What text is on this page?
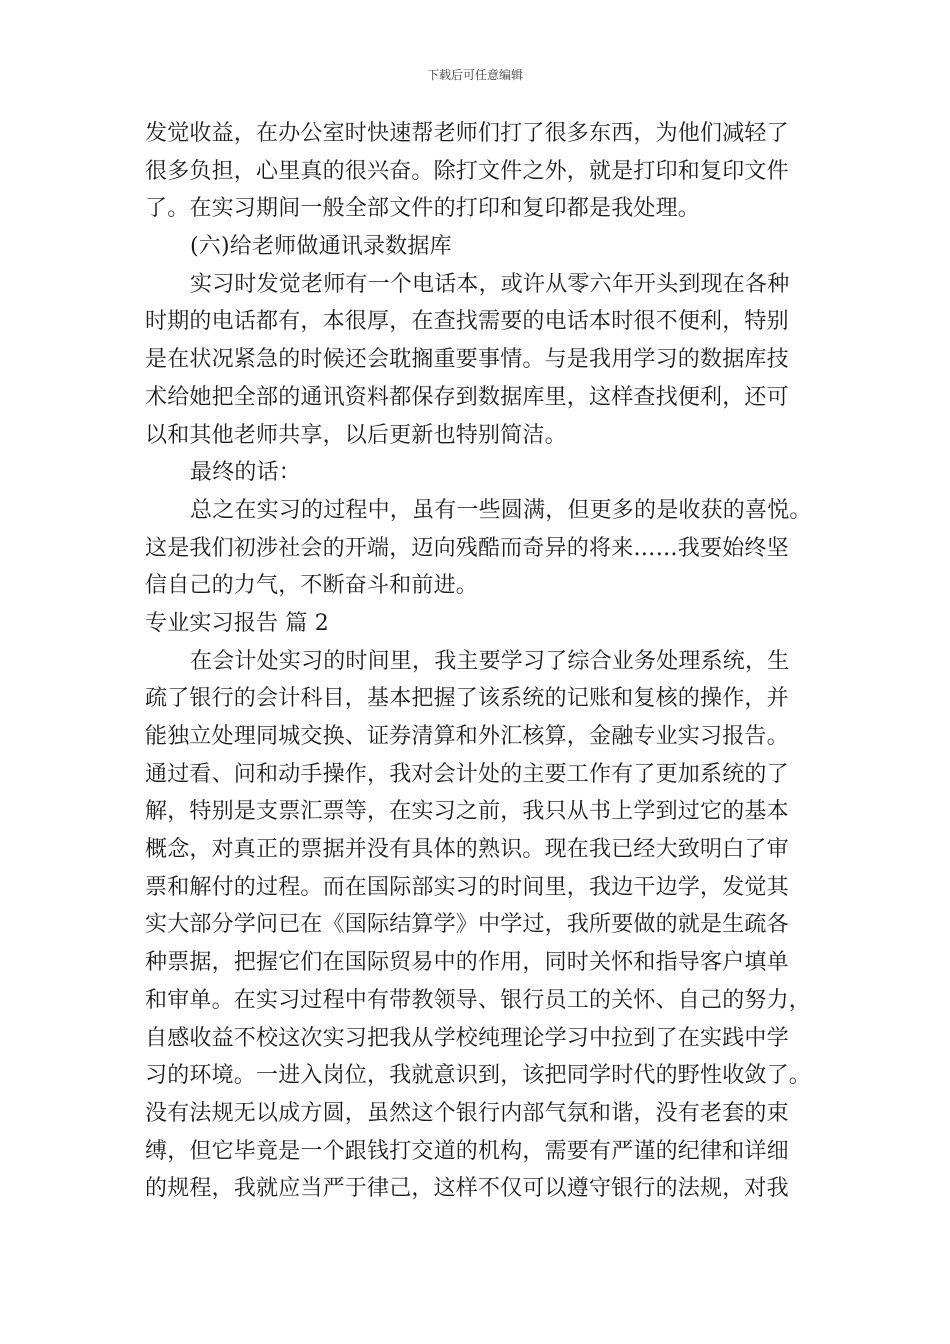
下载后可任意编辑
发觉收益，在办公室时快速帮老师们打了很多东西，为他们减轻了
很多负担，心里真的很兴奋。除打文件之外，就是打印和复印文件
了。在实习期间一般全部文件的打印和复印都是我处理。
(六)给老师做通讯录数据库
实习时发觉老师有一个电话本，或许从零六年开头到现在各种
时期的电话都有，本很厚，在查找需要的电话本时很不便利，特别
是在状况紧急的时候还会耽搁重要事情。与是我用学习的数据库技
术给她把全部的通讯资料都保存到数据库里，这样查找便利，还可
以和其他老师共享，以后更新也特别简洁。
最终的话：
总之在实习的过程中，虽有一些圆满，但更多的是收获的喜悦。
这是我们初涉社会的开端，迈向残酷而奇异的将来……我要始终坚
信自己的力气，不断奋斗和前进。
专业实习报告 篇 2
在会计处实习的时间里，我主要学习了综合业务处理系统，生
疏了银行的会计科目，基本把握了该系统的记账和复核的操作，并
能独立处理同城交换、证券清算和外汇核算，金融专业实习报告。
通过看、问和动手操作，我对会计处的主要工作有了更加系统的了
解，特别是支票汇票等，在实习之前，我只从书上学到过它的基本
概念，对真正的票据并没有具体的熟识。现在我已经大致明白了审
票和解付的过程。而在国际部实习的时间里，我边干边学，发觉其
实大部分学问已在《国际结算学》中学过，我所要做的就是生疏各
种票据，把握它们在国际贸易中的作用，同时关怀和指导客户填单
和审单。在实习过程中有带教领导、银行员工的关怀、自己的努力，
自感收益不校这次实习把我从学校纯理论学习中拉到了在实践中学
习的环境。一进入岗位，我就意识到，该把同学时代的野性收敛了。
没有法规无以成方圆，虽然这个银行内部气氛和谐，没有老套的束
缚，但它毕竟是一个跟钱打交道的机构，需要有严谨的纪律和详细
的规程，我就应当严于律己，这样不仅可以遵守银行的法规，对我
